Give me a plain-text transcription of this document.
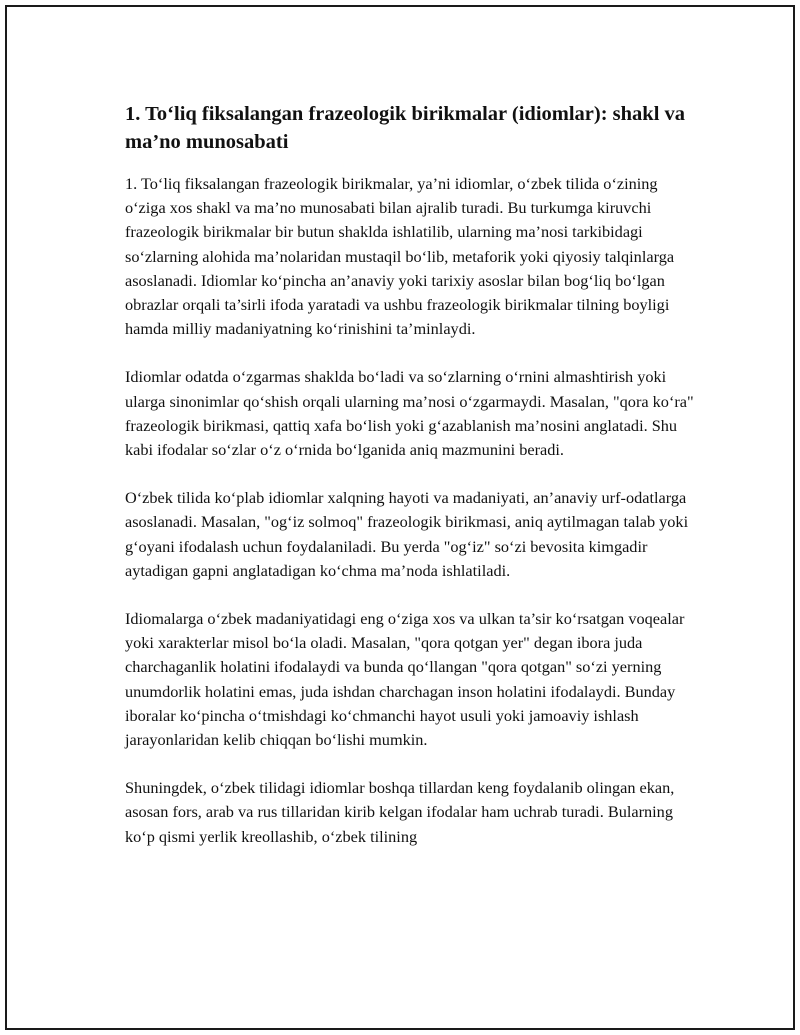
1. To‘liq fiksalangan frazeologik birikmalar (idiomlar): shakl va ma’no munosabati

1. To‘liq fiksalangan frazeologik birikmalar, ya’ni idiomlar, o‘zbek tilida o‘zining o‘ziga xos shakl va ma’no munosabati bilan ajralib turadi. Bu turkumga kiruvchi frazeologik birikmalar bir butun shaklda ishlatilib, ularning ma’nosi tarkibidagi so‘zlarning alohida ma’nolaridan mustaqil bo‘lib, metaforik yoki qiyosiy talqinlarga asoslanadi. Idiomlar ko‘pincha an’anaviy yoki tarixiy asoslar bilan bog‘liq bo‘lgan obrazlar orqali ta’sirli ifoda yaratadi va ushbu frazeologik birikmalar tilning boyligi hamda milliy madaniyatning ko‘rinishini ta’minlaydi.

Idiomlar odatda o‘zgarmas shaklda bo‘ladi va so‘zlarning o‘rnini almashtirish yoki ularga sinonimlar qo‘shish orqali ularning ma’nosi o‘zgarmaydi. Masalan, "qora ko‘ra" frazeologik birikmasi, qattiq xafa bo‘lish yoki g‘azablanish ma’nosini anglatadi. Shu kabi ifodalar so‘zlar o‘z o‘rnida bo‘lganida aniq mazmunini beradi.

O‘zbek tilida ko‘plab idiomlar xalqning hayoti va madaniyati, an’anaviy urf-odatlarga asoslanadi. Masalan, "og‘iz solmoq" frazeologik birikmasi, aniq aytilmagan talab yoki g‘oyani ifodalash uchun foydalaniladi. Bu yerda "og‘iz" so‘zi bevosita kimgadir aytadigan gapni anglatadigan ko‘chma ma’noda ishlatiladi.

Idiomalarga o‘zbek madaniyatidagi eng o‘ziga xos va ulkan ta’sir ko‘rsatgan voqealar yoki xarakterlar misol bo‘la oladi. Masalan, "qora qotgan yer" degan ibora juda charchaganlik holatini ifodalaydi va bunda qo‘llangan "qora qotgan" so‘zi yerning unumdorlik holatini emas, juda ishdan charchagan inson holatini ifodalaydi. Bunday iboralar ko‘pincha o‘tmishdagi ko‘chmanchi hayot usuli yoki jamoaviy ishlash jarayonlaridan kelib chiqqan bo‘lishi mumkin.

Shuningdek, o‘zbek tilidagi idiomlar boshqa tillardan keng foydalanib olingan ekan, asosan fors, arab va rus tillaridan kirib kelgan ifodalar ham uchrab turadi. Bularning ko‘p qismi yerlik kreollashib, o‘zbek tilining
